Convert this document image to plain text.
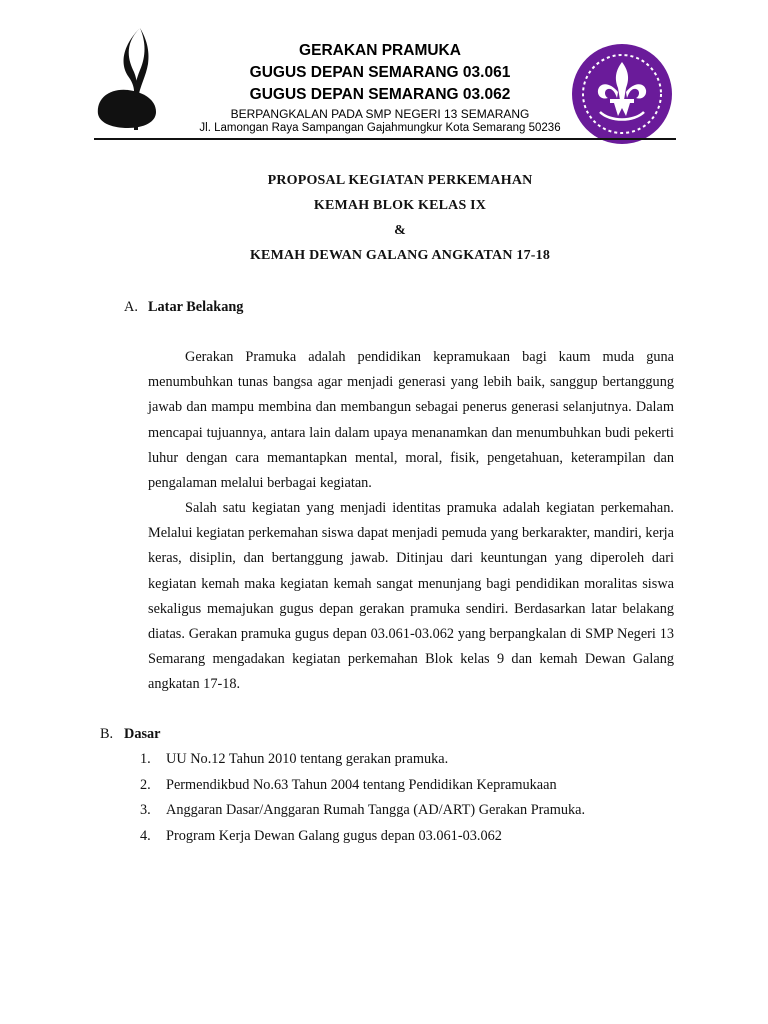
GERAKAN PRAMUKA
GUGUS DEPAN SEMARANG 03.061
GUGUS DEPAN SEMARANG 03.062
BERPANGKALAN PADA SMP NEGERI 13 SEMARANG
Jl. Lamongan Raya Sampangan Gajahmungkur Kota Semarang 50236
PROPOSAL KEGIATAN PERKEMAHAN
KEMAH BLOK KELAS IX
&
KEMAH DEWAN GALANG ANGKATAN 17-18
A. Latar Belakang
Gerakan Pramuka adalah pendidikan kepramukaan bagi kaum muda guna menumbuhkan tunas bangsa agar menjadi generasi yang lebih baik, sanggup bertanggung jawab dan mampu membina dan membangun sebagai penerus generasi selanjutnya. Dalam mencapai tujuannya, antara lain dalam upaya menanamkan dan menumbuhkan budi pekerti luhur dengan cara memantapkan mental, moral, fisik, pengetahuan, keterampilan dan pengalaman melalui berbagai kegiatan.
Salah satu kegiatan yang menjadi identitas pramuka adalah kegiatan perkemahan. Melalui kegiatan perkemahan siswa dapat menjadi pemuda yang berkarakter, mandiri, kerja keras, disiplin, dan bertanggung jawab. Ditinjau dari keuntungan yang diperoleh dari kegiatan kemah maka kegiatan kemah sangat menunjang bagi pendidikan moralitas siswa sekaligus memajukan gugus depan gerakan pramuka sendiri. Berdasarkan latar belakang diatas. Gerakan pramuka gugus depan 03.061-03.062 yang berpangkalan di SMP Negeri 13 Semarang mengadakan kegiatan perkemahan Blok kelas 9 dan kemah Dewan Galang angkatan 17-18.
B. Dasar
1. UU No.12 Tahun 2010 tentang gerakan pramuka.
2. Permendikbud No.63 Tahun 2004 tentang Pendidikan Kepramukaan
3. Anggaran Dasar/Anggaran Rumah Tangga (AD/ART) Gerakan Pramuka.
4. Program Kerja Dewan Galang gugus depan 03.061-03.062
